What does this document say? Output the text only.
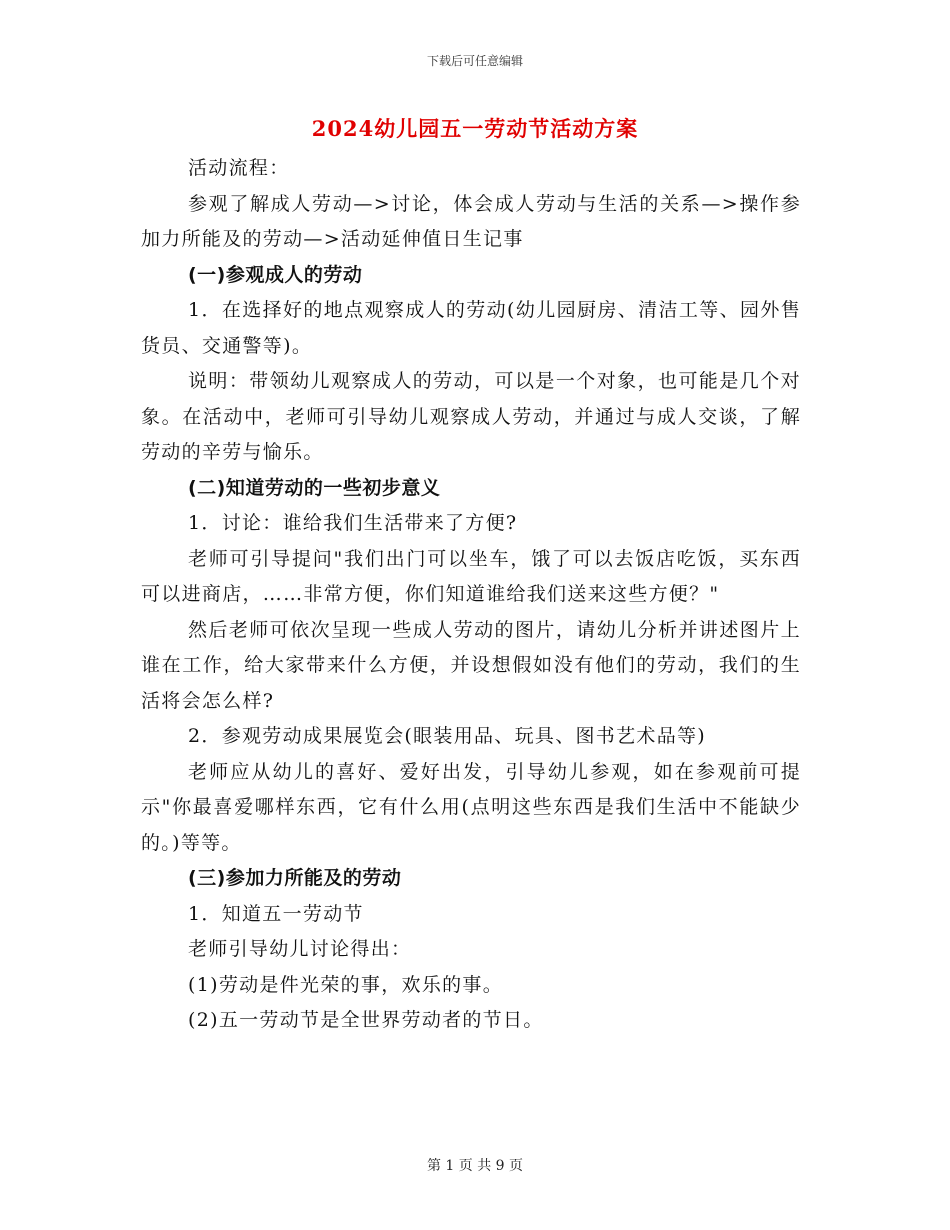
下载后可任意编辑
2024幼儿园五一劳动节活动方案

活动流程：

参观了解成人劳动—>讨论，体会成人劳动与生活的关系—>操作参加力所能及的劳动—>活动延伸值日生记事

(一)参观成人的劳动

1．在选择好的地点观察成人的劳动(幼儿园厨房、清洁工等、园外售货员、交通警等)。

说明：带领幼儿观察成人的劳动，可以是一个对象，也可能是几个对象。在活动中，老师可引导幼儿观察成人劳动，并通过与成人交谈，了解劳动的辛劳与愉乐。

(二)知道劳动的一些初步意义

1．讨论：谁给我们生活带来了方便?

老师可引导提问"我们出门可以坐车，饿了可以去饭店吃饭，买东西可以进商店，……非常方便，你们知道谁给我们送来这些方便？"

然后老师可依次呈现一些成人劳动的图片，请幼儿分析并讲述图片上谁在工作，给大家带来什么方便，并设想假如没有他们的劳动，我们的生活将会怎么样?

2．参观劳动成果展览会(眼装用品、玩具、图书艺术品等)

老师应从幼儿的喜好、爱好出发，引导幼儿参观，如在参观前可提示"你最喜爱哪样东西，它有什么用(点明这些东西是我们生活中不能缺少的。)等等。

(三)参加力所能及的劳动

1．知道五一劳动节

老师引导幼儿讨论得出：

(1)劳动是件光荣的事，欢乐的事。

(2)五一劳动节是全世界劳动者的节日。

第 1 页 共 9 页
